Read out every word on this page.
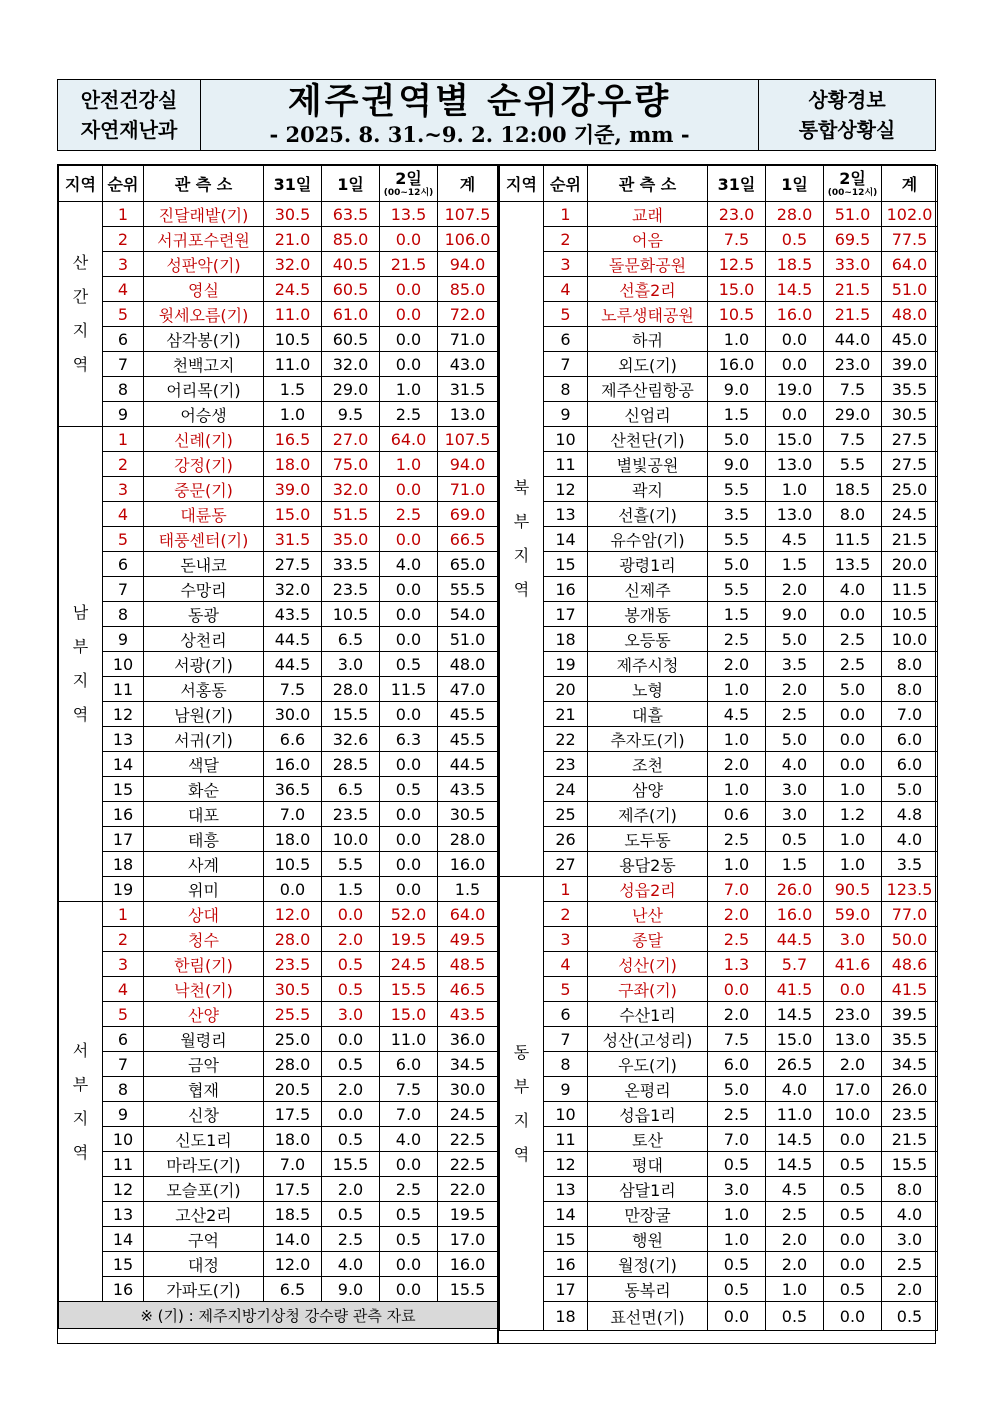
안전건강실
자연재난과
제주권역별 순위강우량
- 2025. 8. 31.~9. 2. 12:00 기준, mm -
상황경보
통합상황실
지역	순위	관 측 소	31일	1일	2일
(00~12시)	계

산
간
지
역	1	진달래밭(기)	30.5	63.5	13.5	107.5
	2	서귀포수련원	21.0	85.0	0.0	106.0
	3	성판악(기)	32.0	40.5	21.5	94.0
	4	영실	24.5	60.5	0.0	85.0
	5	윗세오름(기)	11.0	61.0	0.0	72.0
	6	삼각봉(기)	10.5	60.5	0.0	71.0
	7	천백고지	11.0	32.0	0.0	43.0
	8	어리목(기)	1.5	29.0	1.0	31.5
	9	어승생	1.0	9.5	2.5	13.0

남
부
지
역	1	신례(기)	16.5	27.0	64.0	107.5
	2	강정(기)	18.0	75.0	1.0	94.0
	3	중문(기)	39.0	32.0	0.0	71.0
	4	대륜동	15.0	51.5	2.5	69.0
	5	태풍센터(기)	31.5	35.0	0.0	66.5
	6	돈내코	27.5	33.5	4.0	65.0
	7	수망리	32.0	23.5	0.0	55.5
	8	동광	43.5	10.5	0.0	54.0
	9	상천리	44.5	6.5	0.0	51.0
	10	서광(기)	44.5	3.0	0.5	48.0
	11	서홍동	7.5	28.0	11.5	47.0
	12	남원(기)	30.0	15.5	0.0	45.5
	13	서귀(기)	6.6	32.6	6.3	45.5
	14	색달	16.0	28.5	0.0	44.5
	15	화순	36.5	6.5	0.5	43.5
	16	대포	7.0	23.5	0.0	30.5
	17	태흥	18.0	10.0	0.0	28.0
	18	사계	10.5	5.5	0.0	16.0
	19	위미	0.0	1.5	0.0	1.5

서
부
지
역	1	상대	12.0	0.0	52.0	64.0
	2	청수	28.0	2.0	19.5	49.5
	3	한림(기)	23.5	0.5	24.5	48.5
	4	낙천(기)	30.5	0.5	15.5	46.5
	5	산양	25.5	3.0	15.0	43.5
	6	월령리	25.0	0.0	11.0	36.0
	7	금악	28.0	0.5	6.0	34.5
	8	협재	20.5	2.0	7.5	30.0
	9	신창	17.5	0.0	7.0	24.5
	10	신도1리	18.0	0.5	4.0	22.5
	11	마라도(기)	7.0	15.5	0.0	22.5
	12	모슬포(기)	17.5	2.0	2.5	22.0
	13	고산2리	18.5	0.5	0.5	19.5
	14	구억	14.0	2.5	0.5	17.0
	15	대정	12.0	4.0	0.0	16.0
	16	가파도(기)	6.5	9.0	0.0	15.5
※ (기) : 제주지방기상청 강수량 관측 자료						
지역	순위	관 측 소	31일	1일	2일
(00~12시)	계

북
부
지
역	1	교래	23.0	28.0	51.0	102.0
	2	어음	7.5	0.5	69.5	77.5
	3	돌문화공원	12.5	18.5	33.0	64.0
	4	선흘2리	15.0	14.5	21.5	51.0
	5	노루생태공원	10.5	16.0	21.5	48.0
	6	하귀	1.0	0.0	44.0	45.0
	7	외도(기)	16.0	0.0	23.0	39.0
	8	제주산림항공	9.0	19.0	7.5	35.5
	9	신엄리	1.5	0.0	29.0	30.5
	10	산천단(기)	5.0	15.0	7.5	27.5
	11	별빛공원	9.0	13.0	5.5	27.5
	12	곽지	5.5	1.0	18.5	25.0
	13	선흘(기)	3.5	13.0	8.0	24.5
	14	유수암(기)	5.5	4.5	11.5	21.5
	15	광령1리	5.0	1.5	13.5	20.0
	16	신제주	5.5	2.0	4.0	11.5
	17	봉개동	1.5	9.0	0.0	10.5
	18	오등동	2.5	5.0	2.5	10.0
	19	제주시청	2.0	3.5	2.5	8.0
	20	노형	1.0	2.0	5.0	8.0
	21	대흘	4.5	2.5	0.0	7.0
	22	추자도(기)	1.0	5.0	0.0	6.0
	23	조천	2.0	4.0	0.0	6.0
	24	삼양	1.0	3.0	1.0	5.0
	25	제주(기)	0.6	3.0	1.2	4.8
	26	도두동	2.5	0.5	1.0	4.0
	27	용담2동	1.0	1.5	1.0	3.5

동
부
지
역	1	성읍2리	7.0	26.0	90.5	123.5
	2	난산	2.0	16.0	59.0	77.0
	3	종달	2.5	44.5	3.0	50.0
	4	성산(기)	1.3	5.7	41.6	48.6
	5	구좌(기)	0.0	41.5	0.0	41.5
	6	수산1리	2.0	14.5	23.0	39.5
	7	성산(고성리)	7.5	15.0	13.0	35.5
	8	우도(기)	6.0	26.5	2.0	34.5
	9	온평리	5.0	4.0	17.0	26.0
	10	성읍1리	2.5	11.0	10.0	23.5
	11	토산	7.0	14.5	0.0	21.5
	12	평대	0.5	14.5	0.5	15.5
	13	삼달1리	3.0	4.5	0.5	8.0
	14	만장굴	1.0	2.5	0.5	4.0
	15	행원	1.0	2.0	0.0	3.0
	16	월정(기)	0.5	2.0	0.0	2.5
	17	동복리	0.5	1.0	0.5	2.0
	18	표선면(기)	0.0	0.5	0.0	0.5
